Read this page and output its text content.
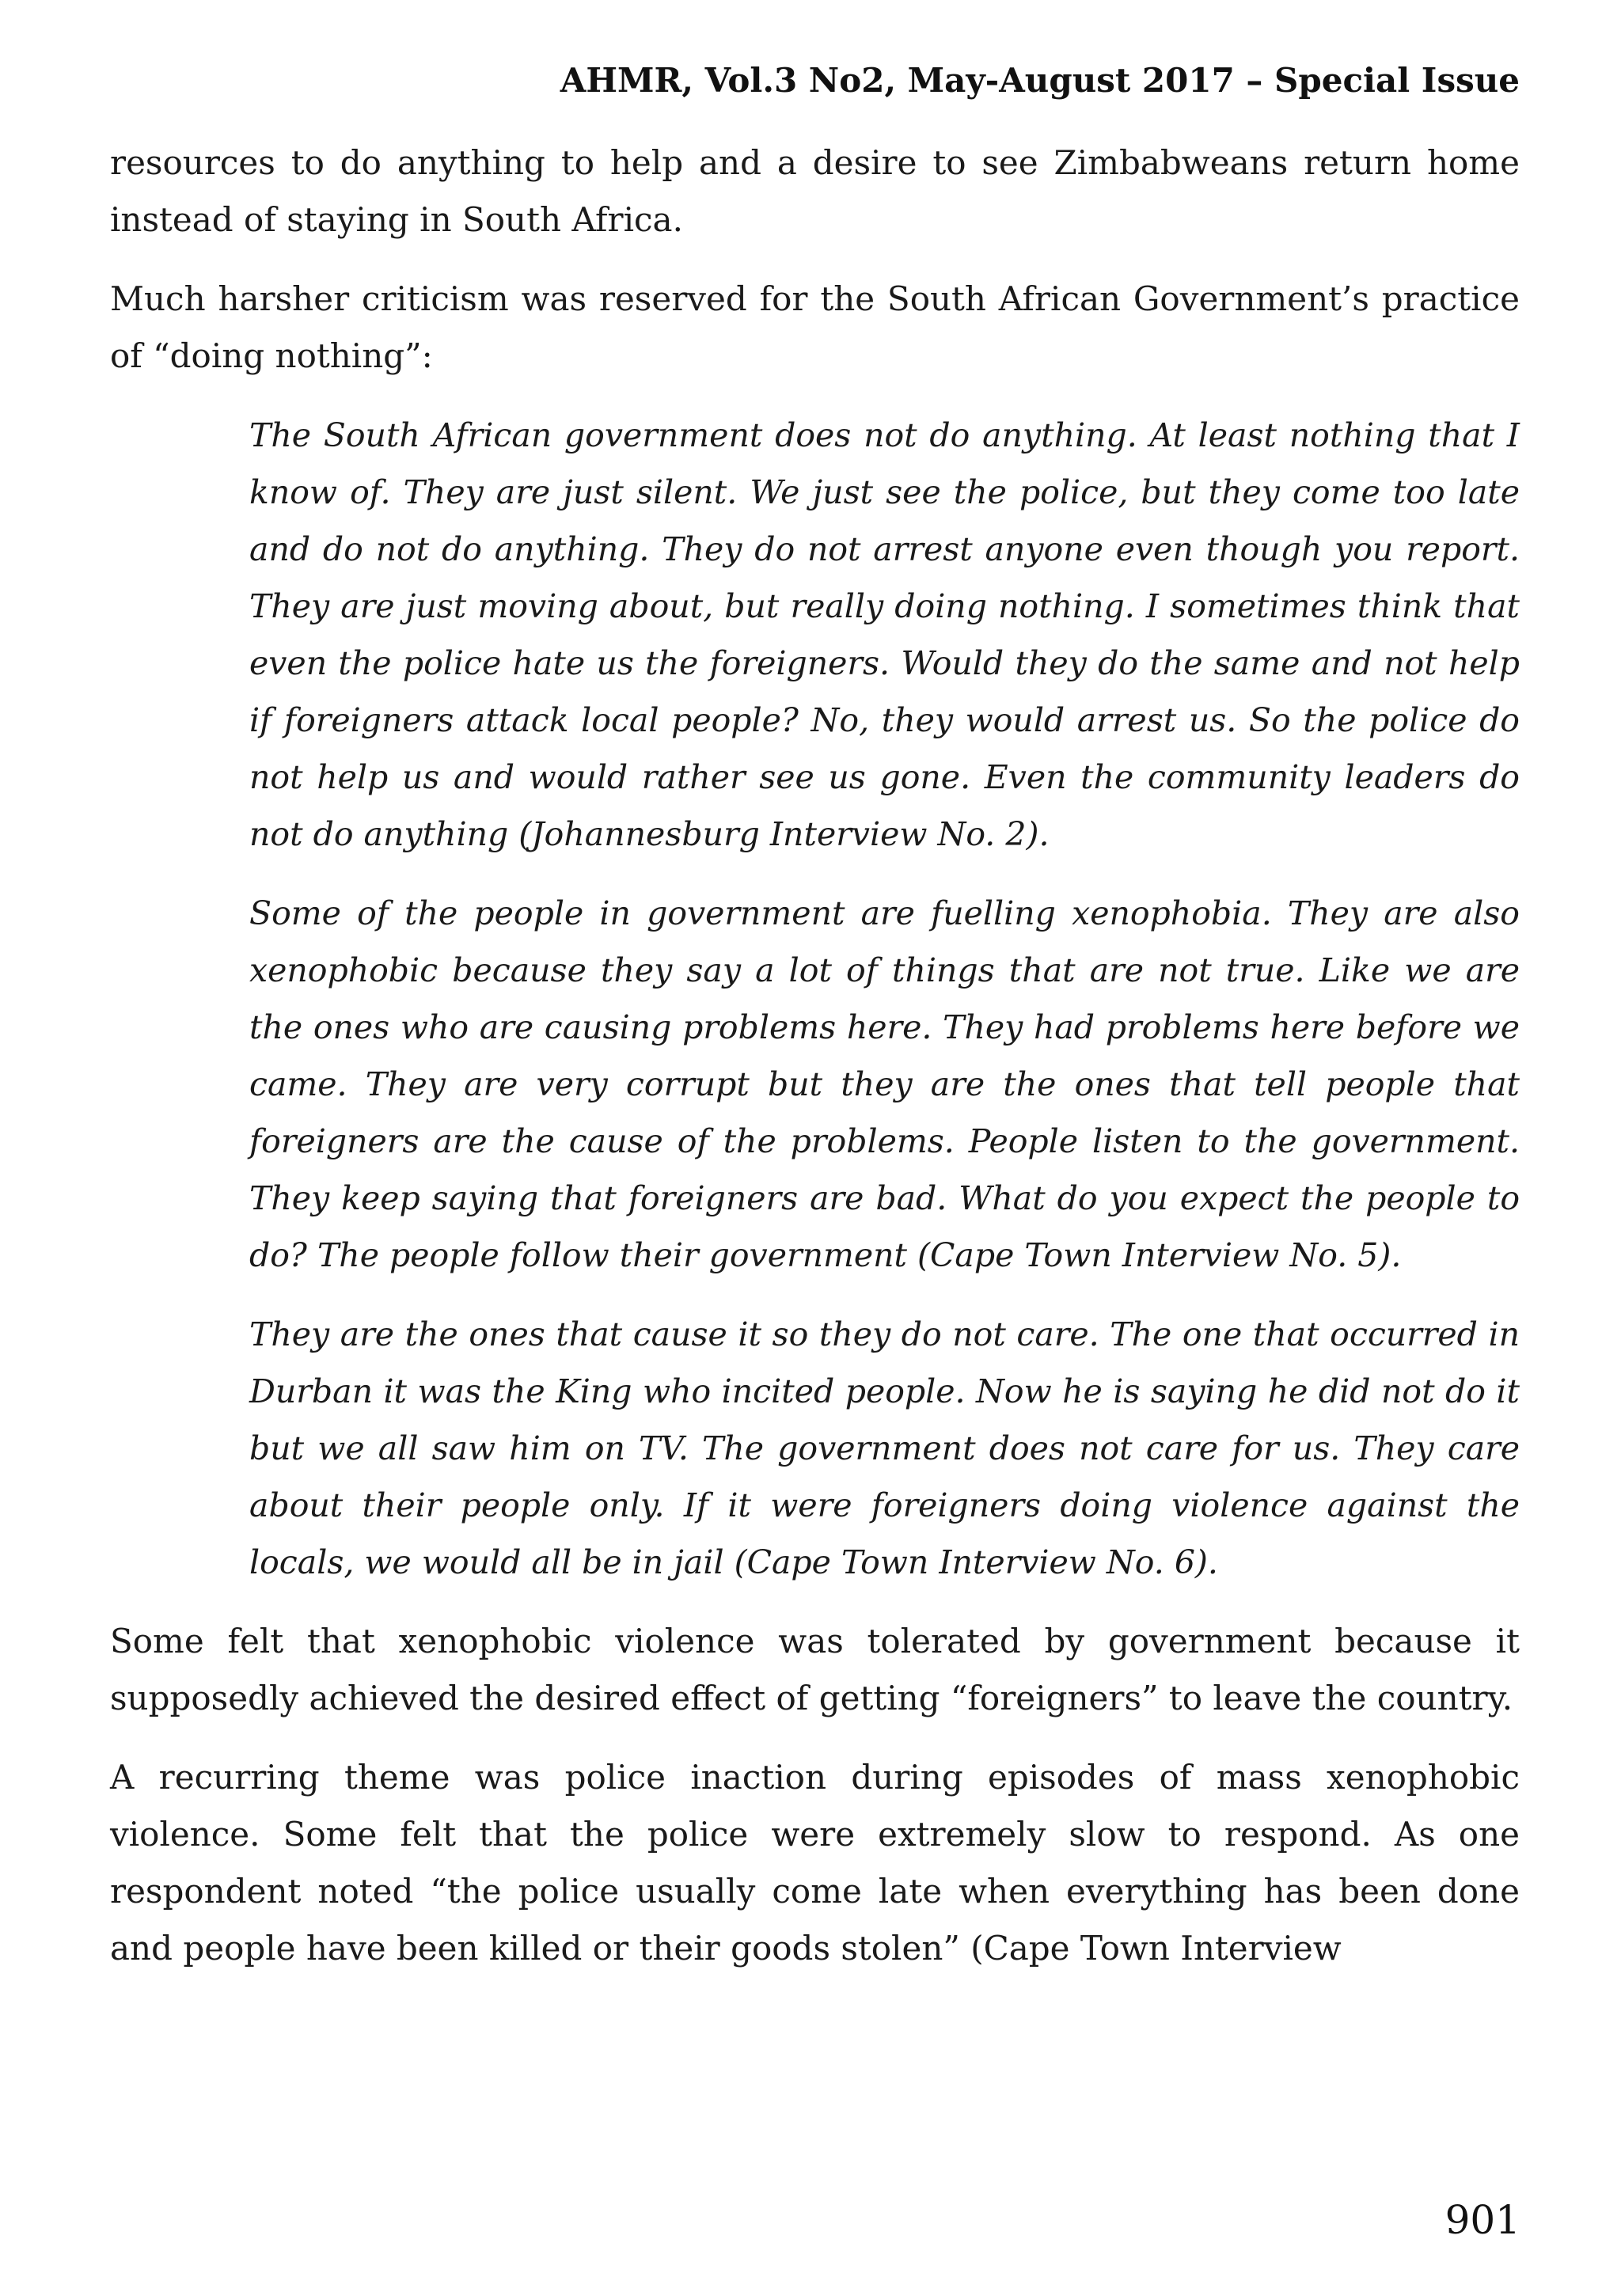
AHMR, Vol.3 No2, May-August 2017 – Special Issue

resources to do anything to help and a desire to see Zimbabweans return home instead of staying in South Africa.

Much harsher criticism was reserved for the South African Government’s practice of “doing nothing”:

The South African government does not do anything. At least nothing that I know of. They are just silent. We just see the police, but they come too late and do not do anything. They do not arrest anyone even though you report. They are just moving about, but really doing nothing. I sometimes think that even the police hate us the foreigners. Would they do the same and not help if foreigners attack local people? No, they would arrest us. So the police do not help us and would rather see us gone. Even the community leaders do not do anything (Johannesburg Interview No. 2).

Some of the people in government are fuelling xenophobia. They are also xenophobic because they say a lot of things that are not true. Like we are the ones who are causing problems here. They had problems here before we came. They are very corrupt but they are the ones that tell people that foreigners are the cause of the problems. People listen to the government. They keep saying that foreigners are bad. What do you expect the people to do? The people follow their government (Cape Town Interview No. 5).

They are the ones that cause it so they do not care. The one that occurred in Durban it was the King who incited people. Now he is saying he did not do it but we all saw him on TV. The government does not care for us. They care about their people only. If it were foreigners doing violence against the locals, we would all be in jail (Cape Town Interview No. 6).

Some felt that xenophobic violence was tolerated by government because it supposedly achieved the desired effect of getting “foreigners” to leave the country.

A recurring theme was police inaction during episodes of mass xenophobic violence. Some felt that the police were extremely slow to respond. As one respondent noted “the police usually come late when everything has been done and people have been killed or their goods stolen” (Cape Town Interview

901
